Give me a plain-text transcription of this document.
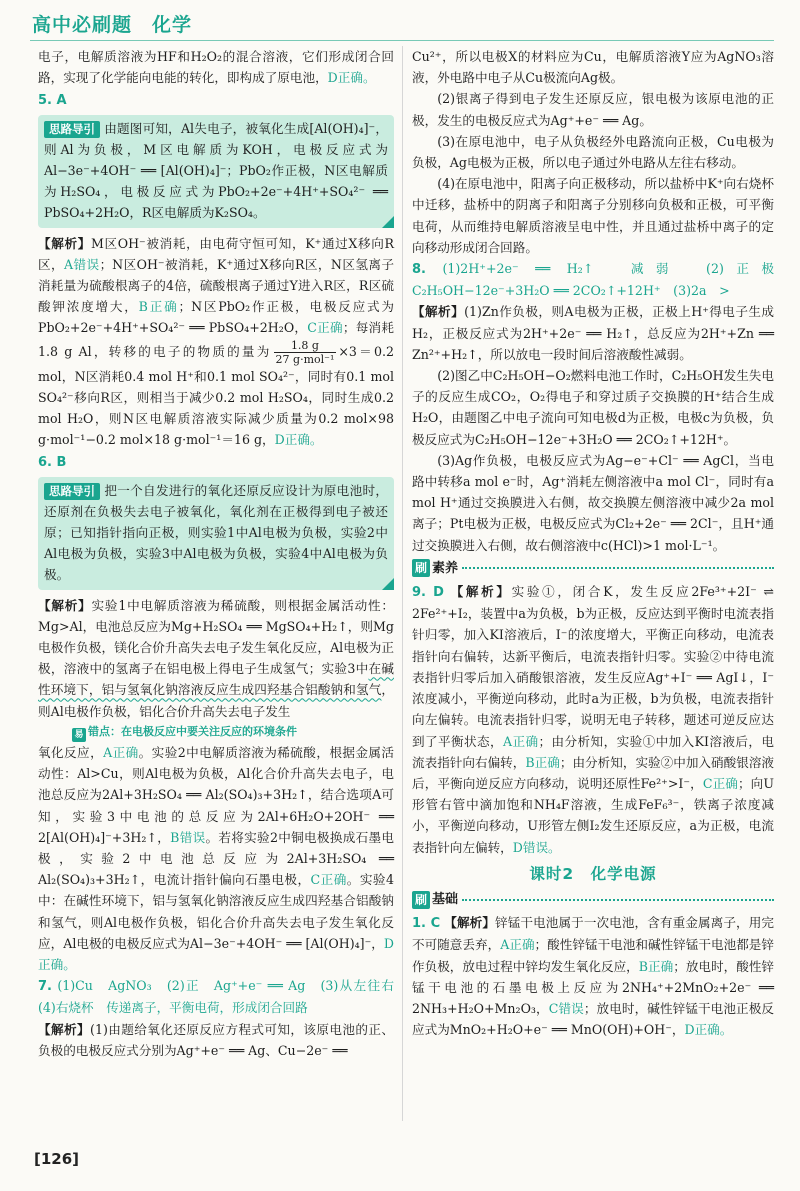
高中必刷题　化学

电子，电解质溶液为HF和H₂O₂的混合溶液，它们形成闭合回路，实现了化学能向电能的转化，即构成了原电池，D正确。

5. A
思路导引 由题图可知，Al失电子，被氧化生成[Al(OH)₄]⁻，则Al为负极，M区电解质为KOH，电极反应式为Al−3e⁻+4OH⁻ ══ [Al(OH)₄]⁻；PbO₂作正极，N区电解质为H₂SO₄，电极反应式为PbO₂+2e⁻+4H⁺+SO₄²⁻ ══ PbSO₄+2H₂O，R区电解质为K₂SO₄。

【解析】M区OH⁻被消耗，由电荷守恒可知，K⁺通过X移向R区，A错误；N区OH⁻被消耗，K⁺通过X移向R区，N区氢离子消耗量为硫酸根离子的4倍，硫酸根离子通过Y进入R区，R区硫酸钾浓度增大，B正确；N区PbO₂作正极，电极反应式为PbO₂+2e⁻+4H⁺+SO₄²⁻ ══ PbSO₄+2H₂O，C正确；每消耗1.8 g Al，转移的电子的物质的量为 $\frac{1.8 g}{\text{27 g·mol⁻¹}} \times 3=0.2$ mol，N区消耗0.4 mol H⁺和0.1 mol SO₄²⁻，同时有0.1 mol SO₄²⁻移向R区，则相当于减少0.2 mol H₂SO₄，同时生成0.2 mol H₂O，则N区电解质溶液实际减少质量为0.2 mol×98 g·mol⁻¹−0.2 mol×18 g·mol⁻¹＝16 g，D正确。

6. B
思路导引 把一个自发进行的氧化还原反应设计为原电池时，还原剂在负极失去电子被氧化，氧化剂在正极得到电子被还原；已知指针指向正极，则实验1中Al电极为负极，实验2中Al电极为负极，实验3中Al电极为负极，实验4中Al电极为负极。

【解析】实验1中电解质溶液为稀硫酸，则根据金属活动性：Mg>Al，电池总反应为Mg+H₂SO₄ ══ MgSO₄+H₂↑，则Mg电极作负极，镁化合价升高失去电子发生氧化反应，Al电极为正极，溶液中的氢离子在铝电极上得电子生成氢气；实验3中在碱性环境下，铝与氢氧化钠溶液反应生成四羟基合铝酸钠和氢气，则Al电极作负极，铝化合价升高失去电子发生

易 错点：在电极反应中要关注反应的环境条件

氧化反应，A正确。实验2中电解质溶液为稀硫酸，根据金属活动性：Al>Cu，则Al电极为负极，Al化合价升高失去电子，电池总反应为2Al+3H₂SO₄ ══ Al₂(SO₄)₃+3H₂↑，结合选项A可知，实验3中电池的总反应为2Al+6H₂O+2OH⁻ ══ 2[Al(OH)₄]⁻+3H₂↑，B错误。若将实验2中铜电极换成石墨电极，实验2中电池总反应为2Al+3H₂SO₄ ══ Al₂(SO₄)₃+3H₂↑，电流计指针偏向石墨电极，C正确。实验4中：在碱性环境下，铝与氢氧化钠溶液反应生成四羟基合铝酸钠和氢气，则Al电极作负极，铝化合价升高失去电子发生氧化反应，Al电极的电极反应式为Al−3e⁻+4OH⁻ ══ [Al(OH)₄]⁻，D正确。

7. (1)Cu　AgNO₃　(2)正　Ag⁺+e⁻ ══ Ag　(3)从左往右　(4)右烧杯　传递离子，平衡电荷，形成闭合回路

【解析】(1)由题给氧化还原反应方程式可知，该原电池的正、负极的电极反应式分别为Ag⁺+e⁻ ══ Ag、Cu−2e⁻ ══

Cu²⁺，所以电极X的材料应为Cu，电解质溶液Y应为AgNO₃溶液，外电路中电子从Cu极流向Ag极。

(2)银离子得到电子发生还原反应，银电极为该原电池的正极，发生的电极反应式为Ag⁺+e⁻ ══ Ag。

(3)在原电池中，电子从负极经外电路流向正极，Cu电极为负极，Ag电极为正极，所以电子通过外电路从左往右移动。

(4)在原电池中，阳离子向正极移动，所以盐桥中K⁺向右烧杯中迁移，盐桥中的阴离子和阳离子分别移向负极和正极，可平衡电荷，从而维持电解质溶液呈电中性，并且通过盐桥中离子的定向移动形成闭合回路。

8. (1)2H⁺+2e⁻ ══ H₂↑　减弱　(2)正极　C₂H₅OH−12e⁻+3H₂O ══ 2CO₂↑+12H⁺　(3)2a　>

【解析】(1)Zn作负极，则A电极为正极，正极上H⁺得电子生成H₂，正极反应式为2H⁺+2e⁻ ══ H₂↑，总反应为2H⁺+Zn ══ Zn²⁺+H₂↑，所以放电一段时间后溶液酸性减弱。

(2)图乙中C₂H₅OH−O₂燃料电池工作时，C₂H₅OH发生失电子的反应生成CO₂，O₂得电子和穿过质子交换膜的H⁺结合生成H₂O，由题图乙中电子流向可知电极d为正极，电极c为负极，负极反应式为C₂H₅OH−12e⁻+3H₂O ══ 2CO₂↑+12H⁺。

(3)Ag作负极，电极反应式为Ag−e⁻+Cl⁻ ══ AgCl，当电路中转移a mol e⁻时，Ag⁺消耗左侧溶液中a mol Cl⁻，同时有a mol H⁺通过交换膜进入右侧，故交换膜左侧溶液中减少2a mol离子；Pt电极为正极，电极反应式为Cl₂+2e⁻ ══ 2Cl⁻，且H⁺通过交换膜进入右侧，故右侧溶液中c(HCl)>1 mol·L⁻¹。

刷 素养

9. D 【解析】实验①，闭合K，发生反应2Fe³⁺+2I⁻ ⇌ 2Fe²⁺+I₂，装置中a为负极，b为正极，反应达到平衡时电流表指针归零，加入KI溶液后，I⁻的浓度增大，平衡正向移动，电流表指针向右偏转，达新平衡后，电流表指针归零。实验②中待电流表指针归零后加入硝酸银溶液，发生反应Ag⁺+I⁻ ══ AgI↓，I⁻浓度减小，平衡逆向移动，此时a为正极，b为负极，电流表指针向左偏转。电流表指针归零，说明无电子转移，题述可逆反应达到了平衡状态，A正确；由分析知，实验①中加入KI溶液后，电流表指针向右偏转，B正确；由分析知，实验②中加入硝酸银溶液后，平衡向逆反应方向移动，说明还原性Fe²⁺>I⁻，C正确；向U形管右管中滴加饱和NH₄F溶液，生成FeF₆³⁻，铁离子浓度减小，平衡逆向移动，U形管左侧I₂发生还原反应，a为正极，电流表指针向左偏转，D错误。

课时2　化学电源
刷 基础

1. C 【解析】锌锰干电池属于一次电池，含有重金属离子，用完不可随意丢弃，A正确；酸性锌锰干电池和碱性锌锰干电池都是锌作负极，放电过程中锌均发生氧化反应，B正确；放电时，酸性锌锰干电池的石墨电极上反应为2NH₄⁺+2MnO₂+2e⁻ ══ 2NH₃+H₂O+Mn₂O₃，C错误；放电时，碱性锌锰干电池正极反应式为MnO₂+H₂O+e⁻ ══ MnO(OH)+OH⁻，D正确。

[126]
